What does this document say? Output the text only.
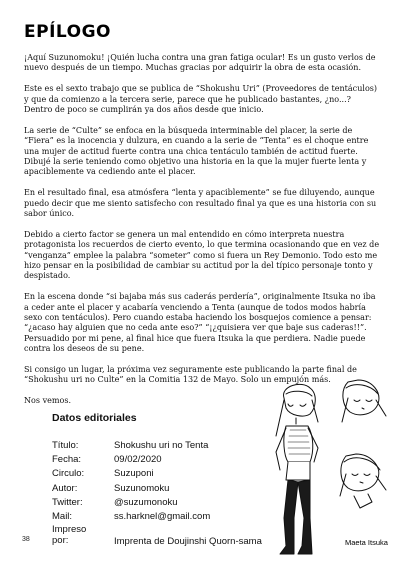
EPÍLOGO

¡Aquí Suzunomoku! ¡Quién lucha contra una gran fatiga ocular! Es un gusto verlos de nuevo después de un tiempo. Muchas gracias por adquirir la obra de esta ocasión.

Este es el sexto trabajo que se publica de “Shokushu Uri” (Proveedores de tentáculos) y que da comienzo a la tercera serie, parece que he publicado bastantes, ¿no...? Dentro de poco se cumplirán ya dos años desde que inicio.

La serie de “Culte” se enfoca en la búsqueda interminable del placer, la serie de “Fiera” es la inocencia y dulzura, en cuando a la serie de “Tenta” es el choque entre una mujer de actitud fuerte contra una chica tentáculo también de actitud fuerte. Dibujé la serie teniendo como objetivo una historia en la que la mujer fuerte lenta y apaciblemente va cediendo ante el placer.

En el resultado final, esa atmósfera “lenta y apaciblemente” se fue diluyendo, aunque puedo decir que me siento satisfecho con resultado final ya que es una historia con su sabor único.

Debido a cierto factor se genera un mal entendido en cómo interpreta nuestra protagonista los recuerdos de cierto evento, lo que termina ocasionando que en vez de “venganza” emplee la palabra “someter” como si fuera un Rey Demonio. Todo esto me hizo pensar en la posibilidad de cambiar su actitud por la del típico personaje tonto y despistado.

En la escena donde “si bajaba más sus caderás perdería”, originalmente Itsuka no iba a ceder ante el placer y acabaría venciendo a Tenta (aunque de todos modos habría sexo con tentáculos). Pero cuando estaba haciendo los bosquejos comience a pensar: “¿acaso hay alguien que no ceda ante eso?” “¡¿quisiera ver que baje sus caderas!!”. Persuadido por mi pene, al final hice que fuera Itsuka la que perdiera. Nadie puede contra los deseos de su pene.

Si consigo un lugar, la próxima vez seguramente este publicando la parte final de “Shokushu uri no Culte” en la Comitia 132 de Mayo. Solo un empujón más.

Nos vemos.

Datos editoriales
Título:	Shokushu uri no Tenta
Fecha:	09/02/2020
Circulo:	Suzuponi
Autor:	Suzunomoku
Twitter:	@suzumonoku
Mail:	ss.harknel@gmail.com
Impreso
por:	Imprenta de Doujinshi Quorn-sama
38	Maeta Itsuka
